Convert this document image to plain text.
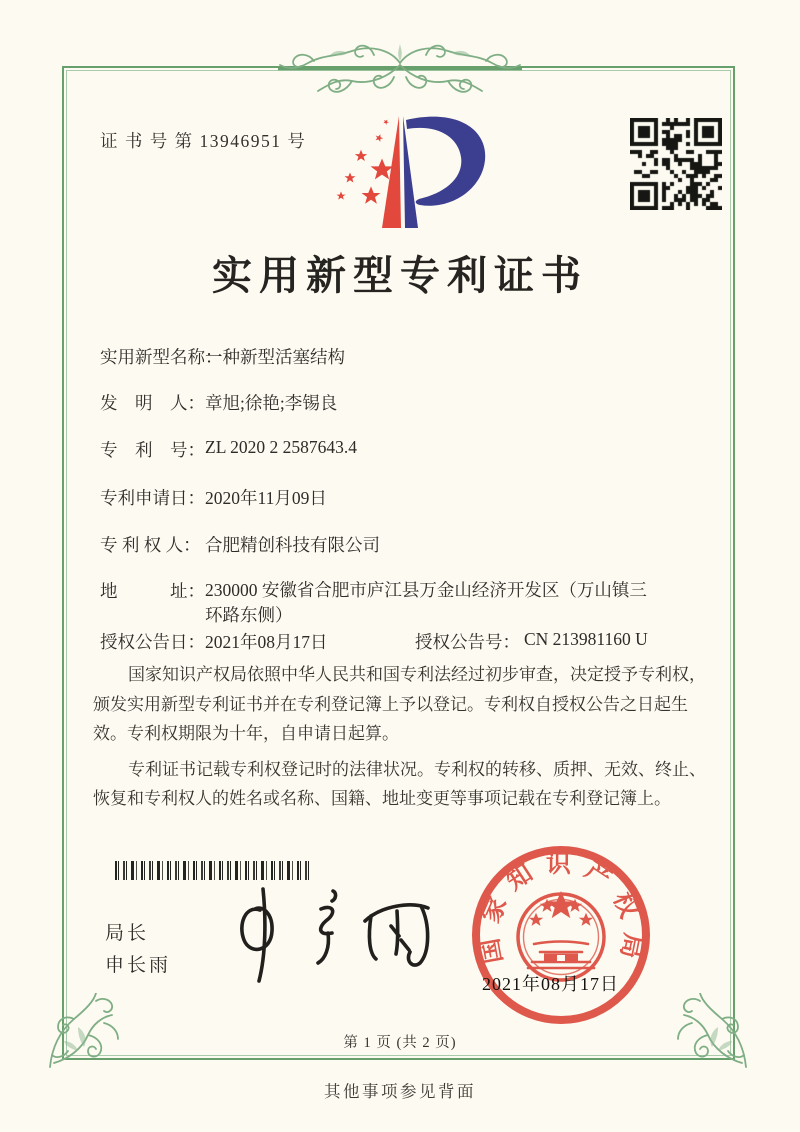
证 书 号 第 13946951 号
实用新型专利证书
实用新型名称：
一种新型活塞结构
发　明　人： 章旭;徐艳;李锡良
专　利　号： ZL 2020 2 2587643.4
专利申请日： 2020年11月09日
专 利 权 人： 合肥精创科技有限公司
地　　　址： 230000 安徽省合肥市庐江县万金山经济开发区（万山镇三环路东侧）
授权公告日： 2021年08月17日	授权公告号： CN 213981160 U

国家知识产权局依照中华人民共和国专利法经过初步审查，决定授予专利权，颁发实用新型专利证书并在专利登记簿上予以登记。专利权自授权公告之日起生效。专利权期限为十年，自申请日起算。

专利证书记载专利权登记时的法律状况。专利权的转移、质押、无效、终止、恢复和专利权人的姓名或名称、国籍、地址变更等事项记载在专利登记簿上。

局长
申长雨	国家知识产权局
2021年08月17日
第 1 页 (共 2 页)
其他事项参见背面
